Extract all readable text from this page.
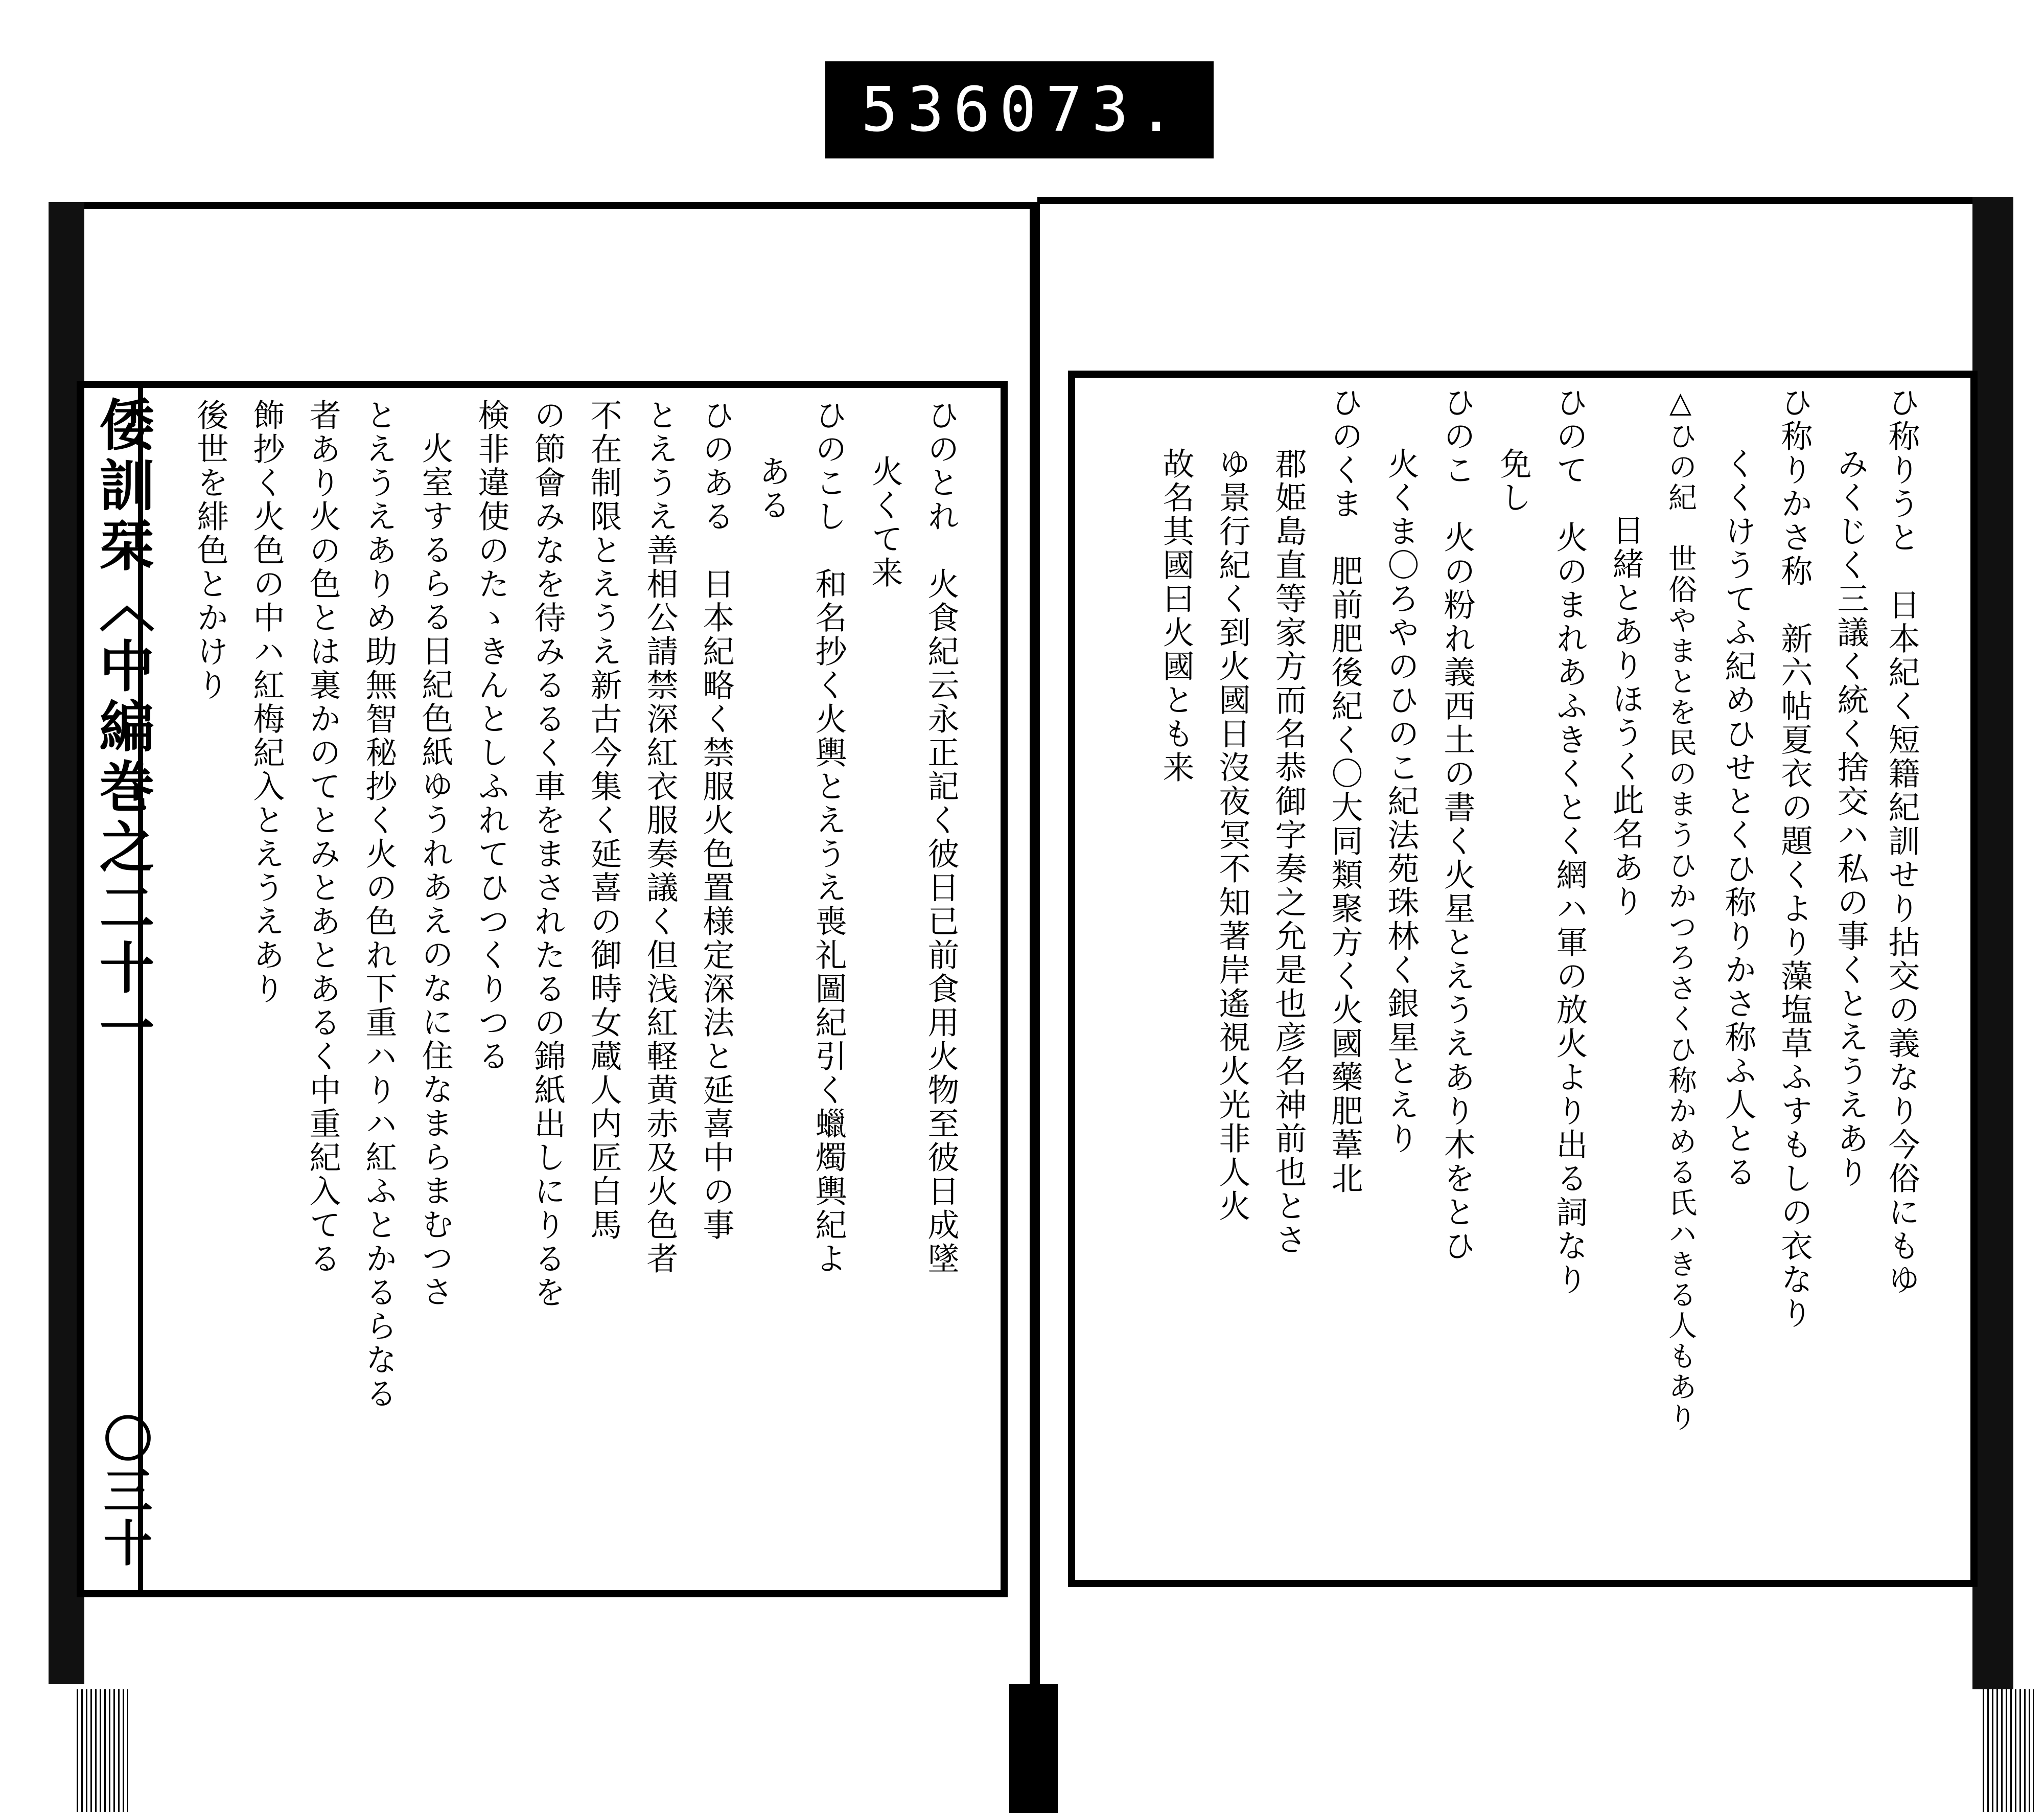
536 073.
倭訓栞〈中編巻之二十一
〇三十
ひのとれ　火食紀云永正記く彼日已前食用火物至彼日成墜
火くて来
ひのこし　和名抄く火輿とえうえ喪礼圖紀引く蠟燭輿紀よ
ある
ひのある　日本紀略く禁服火色置様定深法と延喜中の事
とえうえ善相公請禁深紅衣服奏議く但浅紅軽黄赤及火色者
不在制限とえうえ新古今集く延喜の御時女蔵人内匠白馬
の節會みなを待みるるく車をまされたるの錦紙出しにりるを
検非違使のたゝきんとしふれてひつくりつる
火室するらる日紀色紙ゆうれあえのなに住なまらまむつさ
とえうえありめ助無智秘抄く火の色れ下重ハりハ紅ふとかるらなる
者あり火の色とは裏かのてとみとあとあるく中重紀入てる
飾抄く火色の中ハ紅梅紀入とえうえあり
後世を緋色とかけり	ひ称りうと　日本紀く短籍紀訓せり拈交の義なり今俗にもゆ
みくじく三議く統く捨交ハ私の事くとえうえあり
ひ称りかさ称　新六帖夏衣の題くより藻塩草ふすもしの衣なり
くくけうてふ紀めひせとくひ称りかさ称ふ人とる
△ひの紀　世俗やまとを民のまうひかつろさくひ称かめる氏ハきる人もあり
日緒とありほうく此名あり
ひのて　火のまれあふきくとく網ハ軍の放火より出る詞なり
免し
ひのこ　火の粉れ義西土の書く火星とえうえあり木をとひ
火くま〇ろやのひのこ紀法苑珠林く銀星とえり
ひのくま　肥前肥後紀く〇大同類聚方く火國藥肥葦北
郡姫島直等家方而名恭御字奏之允是也彦名神前也とさ
ゆ景行紀く到火國日沒夜冥不知著岸遙視火光非人火
故名其國曰火國とも来
